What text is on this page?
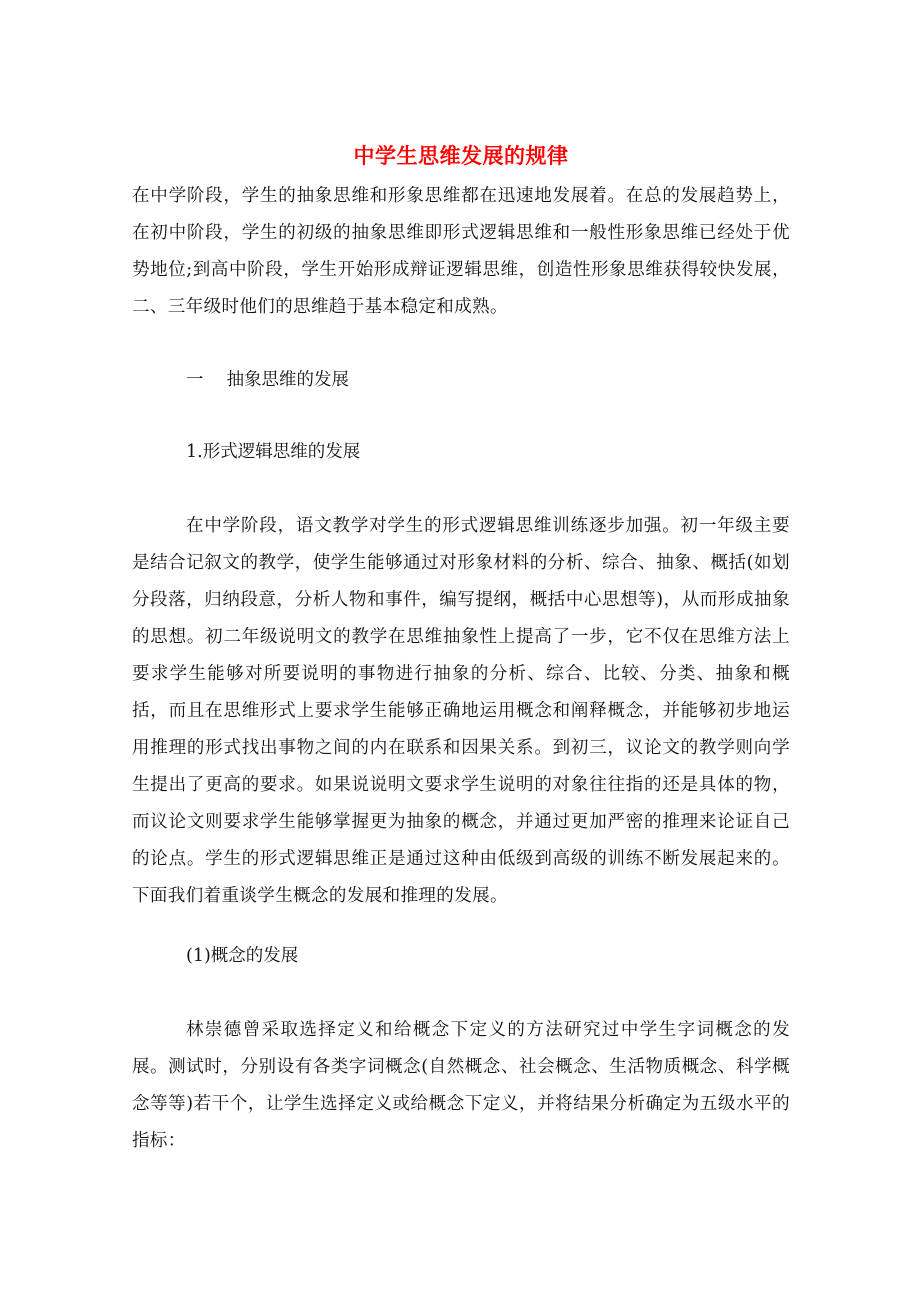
中学生思维发展的规律

在中学阶段，学生的抽象思维和形象思维都在迅速地发展着。在总的发展趋势上，在初中阶段，学生的初级的抽象思维即形式逻辑思维和一般性形象思维已经处于优势地位;到高中阶段，学生开始形成辩证逻辑思维，创造性形象思维获得较快发展，二、三年级时他们的思维趋于基本稳定和成熟。

一　 抽象思维的发展

1.形式逻辑思维的发展

在中学阶段，语文教学对学生的形式逻辑思维训练逐步加强。初一年级主要是结合记叙文的教学，使学生能够通过对形象材料的分析、综合、抽象、概括(如划分段落，归纳段意，分析人物和事件，编写提纲，概括中心思想等)，从而形成抽象的思想。初二年级说明文的教学在思维抽象性上提高了一步，它不仅在思维方法上要求学生能够对所要说明的事物进行抽象的分析、综合、比较、分类、抽象和概括，而且在思维形式上要求学生能够正确地运用概念和阐释概念，并能够初步地运用推理的形式找出事物之间的内在联系和因果关系。到初三，议论文的教学则向学生提出了更高的要求。如果说说明文要求学生说明的对象往往指的还是具体的物，而议论文则要求学生能够掌握更为抽象的概念，并通过更加严密的推理来论证自己的论点。学生的形式逻辑思维正是通过这种由低级到高级的训练不断发展起来的。下面我们着重谈学生概念的发展和推理的发展。

(1)概念的发展

林崇德曾采取选择定义和给概念下定义的方法研究过中学生字词概念的发展。测试时，分别设有各类字词概念(自然概念、社会概念、生活物质概念、科学概念等等)若干个，让学生选择定义或给概念下定义，并将结果分析确定为五级水平的指标：
